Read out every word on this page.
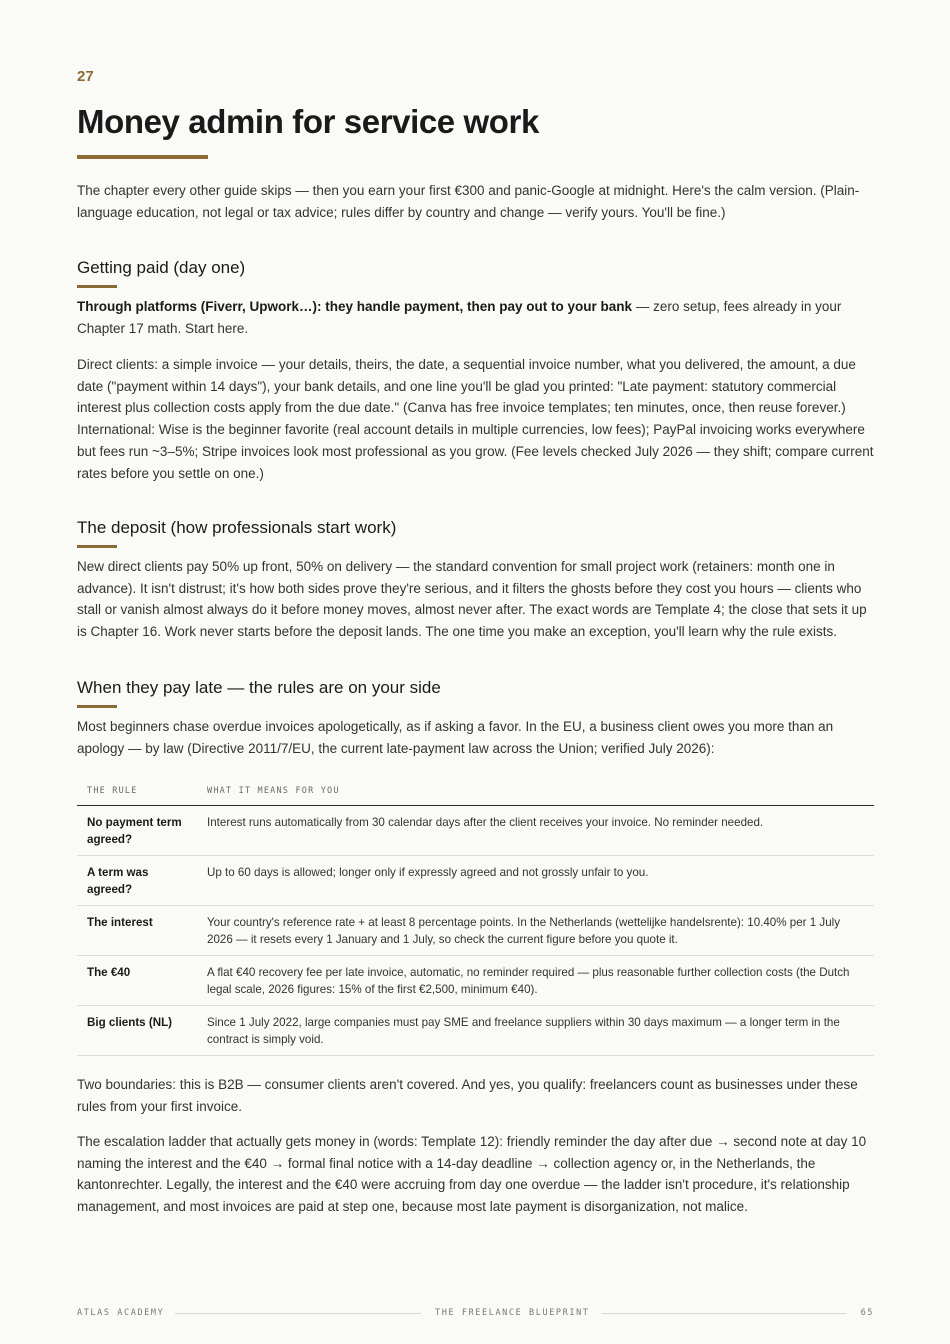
27
Money admin for service work

The chapter every other guide skips — then you earn your first €300 and panic-Google at midnight. Here's the calm version. (Plain-language education, not legal or tax advice; rules differ by country and change — verify yours. You'll be fine.)

Getting paid (day one)

Through platforms (Fiverr, Upwork…): they handle payment, then pay out to your bank — zero setup, fees already in your Chapter 17 math. Start here.

Direct clients: a simple invoice — your details, theirs, the date, a sequential invoice number, what you delivered, the amount, a due date ("payment within 14 days"), your bank details, and one line you'll be glad you printed: "Late payment: statutory commercial interest plus collection costs apply from the due date." (Canva has free invoice templates; ten minutes, once, then reuse forever.) International: Wise is the beginner favorite (real account details in multiple currencies, low fees); PayPal invoicing works everywhere but fees run ~3–5%; Stripe invoices look most professional as you grow. (Fee levels checked July 2026 — they shift; compare current rates before you settle on one.)

The deposit (how professionals start work)

New direct clients pay 50% up front, 50% on delivery — the standard convention for small project work (retainers: month one in advance). It isn't distrust; it's how both sides prove they're serious, and it filters the ghosts before they cost you hours — clients who stall or vanish almost always do it before money moves, almost never after. The exact words are Template 4; the close that sets it up is Chapter 16. Work never starts before the deposit lands. The one time you make an exception, you'll learn why the rule exists.

When they pay late — the rules are on your side

Most beginners chase overdue invoices apologetically, as if asking a favor. In the EU, a business client owes you more than an apology — by law (Directive 2011/7/EU, the current late-payment law across the Union; verified July 2026):

THE RULE	WHAT IT MEANS FOR YOU
No payment term agreed?	Interest runs automatically from 30 calendar days after the client receives your invoice. No reminder needed.
A term was agreed?	Up to 60 days is allowed; longer only if expressly agreed and not grossly unfair to you.
The interest	Your country's reference rate + at least 8 percentage points. In the Netherlands (wettelijke handelsrente): 10.40% per 1 July 2026 — it resets every 1 January and 1 July, so check the current figure before you quote it.
The €40	A flat €40 recovery fee per late invoice, automatic, no reminder required — plus reasonable further collection costs (the Dutch legal scale, 2026 figures: 15% of the first €2,500, minimum €40).
Big clients (NL)	Since 1 July 2022, large companies must pay SME and freelance suppliers within 30 days maximum — a longer term in the contract is simply void.

Two boundaries: this is B2B — consumer clients aren't covered. And yes, you qualify: freelancers count as businesses under these rules from your first invoice.

The escalation ladder that actually gets money in (words: Template 12): friendly reminder the day after due → second note at day 10 naming the interest and the €40 → formal final notice with a 14-day deadline → collection agency or, in the Netherlands, the kantonrechter. Legally, the interest and the €40 were accruing from day one overdue — the ladder isn't procedure, it's relationship management, and most invoices are paid at step one, because most late payment is disorganization, not malice.

ATLAS ACADEMY	THE FREELANCE BLUEPRINT	65
